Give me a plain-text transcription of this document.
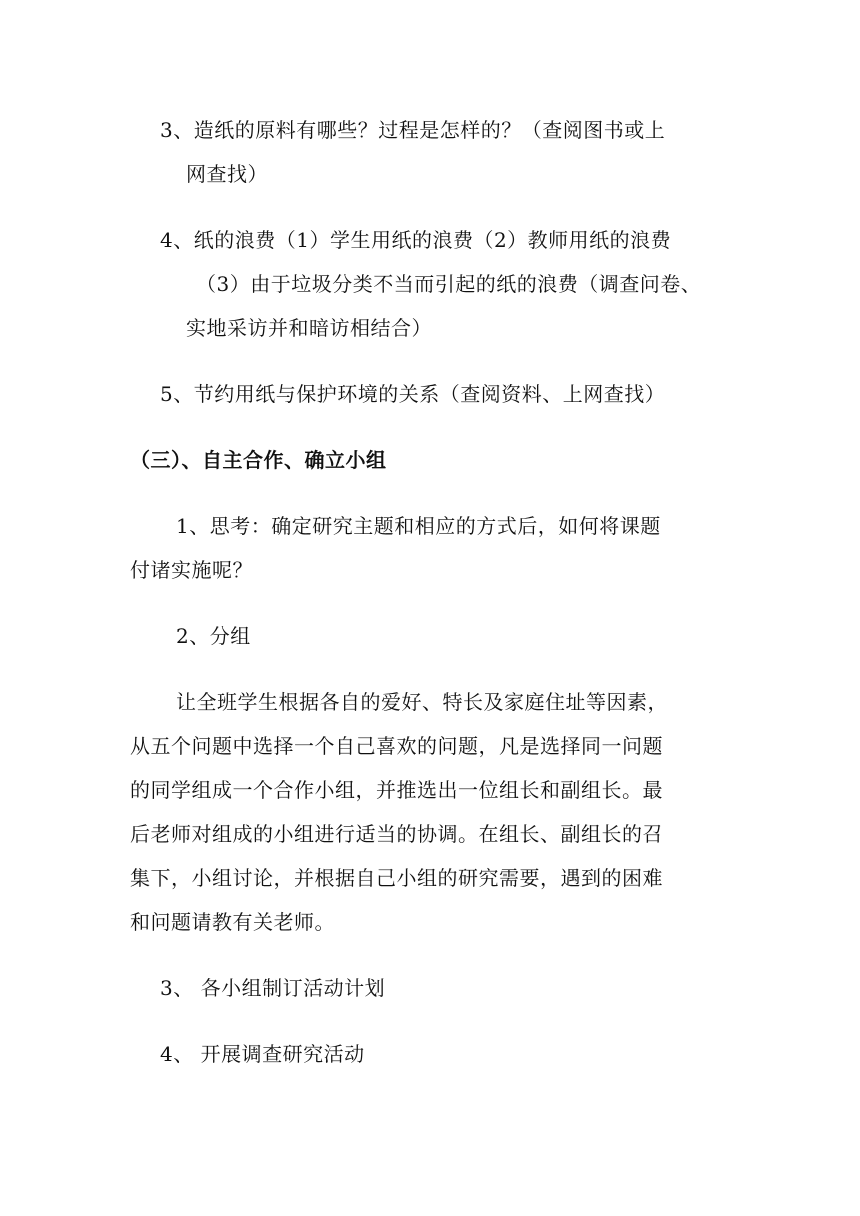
3、造纸的原料有哪些？过程是怎样的？（查阅图书或上
网查找）
4、纸的浪费（1）学生用纸的浪费（2）教师用纸的浪费
（3）由于垃圾分类不当而引起的纸的浪费（调查问卷、
实地采访并和暗访相结合）
5、节约用纸与保护环境的关系（查阅资料、上网查找）
（三）、自主合作、确立小组
1、思考：确定研究主题和相应的方式后，如何将课题
付诸实施呢？
2、分组
让全班学生根据各自的爱好、特长及家庭住址等因素，
从五个问题中选择一个自己喜欢的问题，凡是选择同一问题
的同学组成一个合作小组，并推选出一位组长和副组长。最
后老师对组成的小组进行适当的协调。在组长、副组长的召
集下，小组讨论，并根据自己小组的研究需要，遇到的困难
和问题请教有关老师。
3、 各小组制订活动计划
4、 开展调查研究活动
